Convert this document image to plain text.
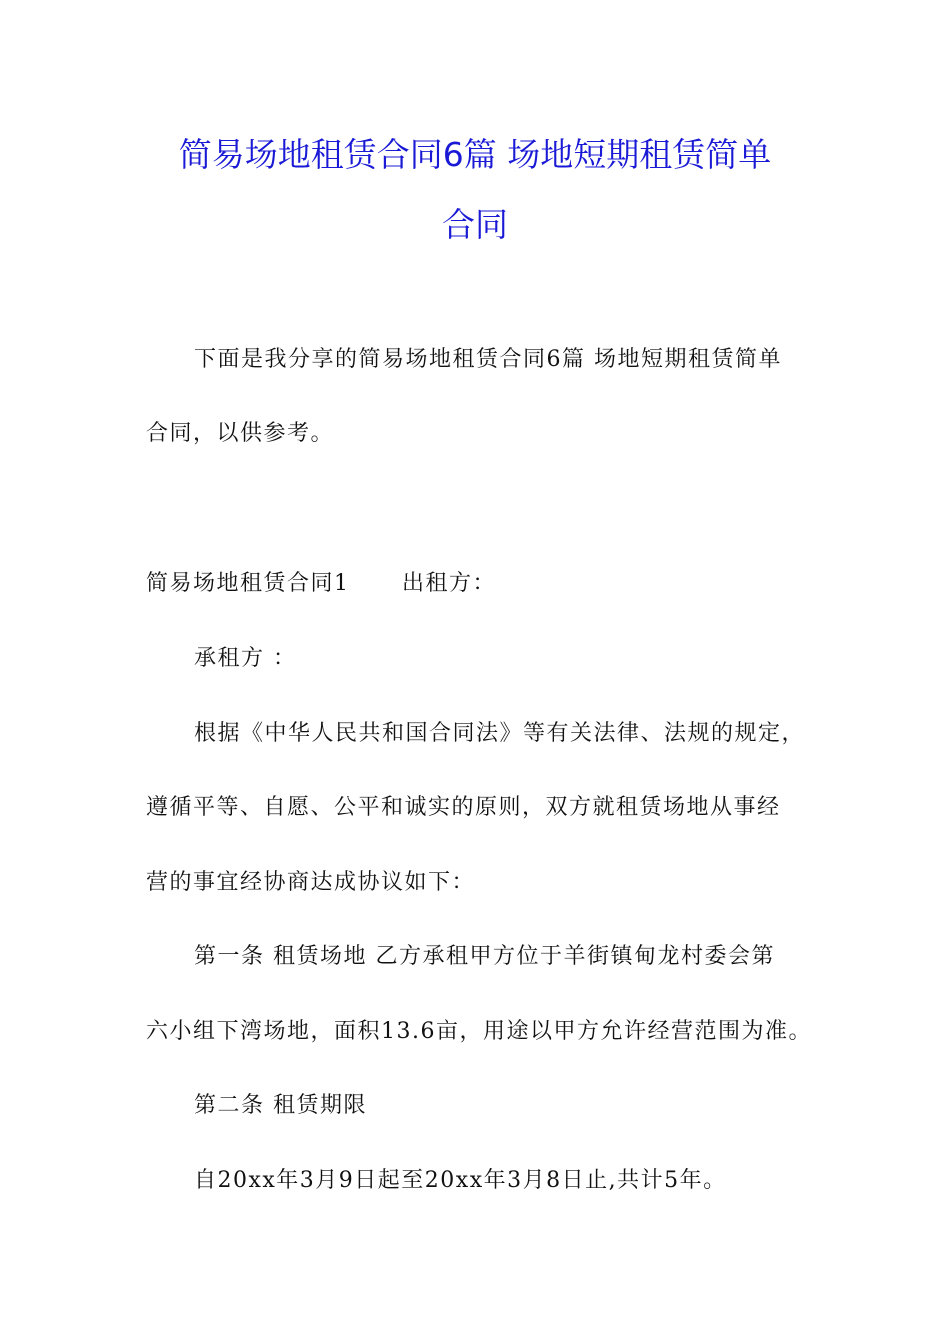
简易场地租赁合同6篇 场地短期租赁简单
合同
下面是我分享的简易场地租赁合同6篇 场地短期租赁简单
合同，以供参考。
简易场地租赁合同1 出租方：
承租方 ：
根据《中华人民共和国合同法》等有关法律、法规的规定，
遵循平等、自愿、公平和诚实的原则，双方就租赁场地从事经
营的事宜经协商达成协议如下：
第一条 租赁场地 乙方承租甲方位于羊街镇甸龙村委会第
六小组下湾场地，面积13.6亩，用途以甲方允许经营范围为准。
第二条 租赁期限
自20xx年3月9日起至20xx年3月8日止,共计5年。
